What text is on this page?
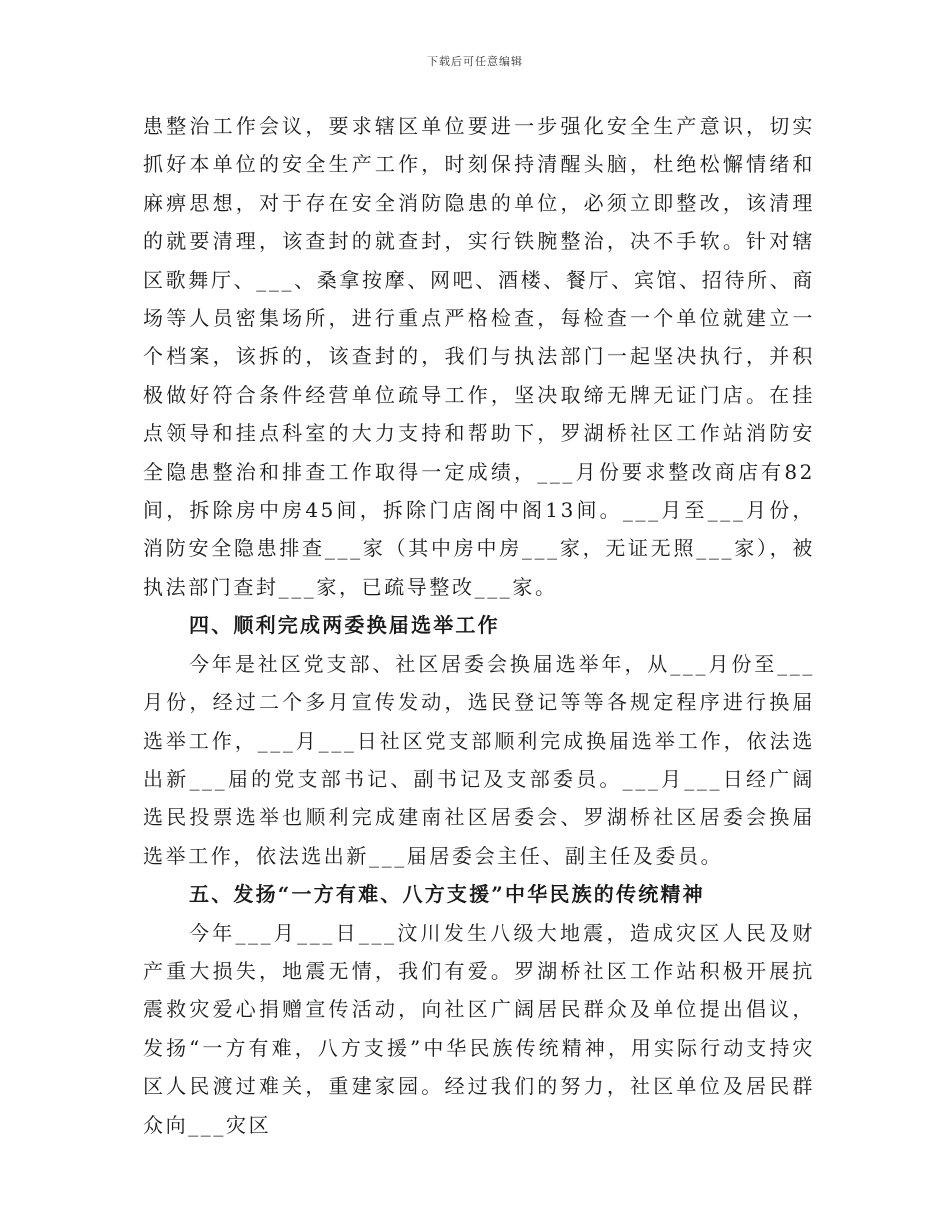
下载后可任意编辑

患整治工作会议，要求辖区单位要进一步强化安全生产意识，切实抓好本单位的安全生产工作，时刻保持清醒头脑，杜绝松懈情绪和麻痹思想，对于存在安全消防隐患的单位，必须立即整改，该清理的就要清理，该查封的就查封，实行铁腕整治，决不手软。针对辖区歌舞厅、___、桑拿按摩、网吧、酒楼、餐厅、宾馆、招待所、商场等人员密集场所，进行重点严格检查，每检查一个单位就建立一个档案，该拆的，该查封的，我们与执法部门一起坚决执行，并积极做好符合条件经营单位疏导工作，坚决取缔无牌无证门店。在挂点领导和挂点科室的大力支持和帮助下，罗湖桥社区工作站消防安全隐患整治和排查工作取得一定成绩，___月份要求整改商店有82间，拆除房中房45间，拆除门店阁中阁13间。___月至___月份，消防安全隐患排查___家（其中房中房___家，无证无照___家），被执法部门查封___家，已疏导整改___家。

四、顺利完成两委换届选举工作

今年是社区党支部、社区居委会换届选举年，从___月份至___月份，经过二个多月宣传发动，选民登记等等各规定程序进行换届选举工作，___月___日社区党支部顺利完成换届选举工作，依法选出新___届的党支部书记、副书记及支部委员。___月___日经广阔选民投票选举也顺利完成建南社区居委会、罗湖桥社区居委会换届选举工作，依法选出新___届居委会主任、副主任及委员。

五、发扬“一方有难、八方支援”中华民族的传统精神

今年___月___日___汶川发生八级大地震，造成灾区人民及财产重大损失，地震无情，我们有爱。罗湖桥社区工作站积极开展抗震救灾爱心捐赠宣传活动，向社区广阔居民群众及单位提出倡议，发扬“一方有难，八方支援”中华民族传统精神，用实际行动支持灾区人民渡过难关，重建家园。经过我们的努力，社区单位及居民群众向___灾区
